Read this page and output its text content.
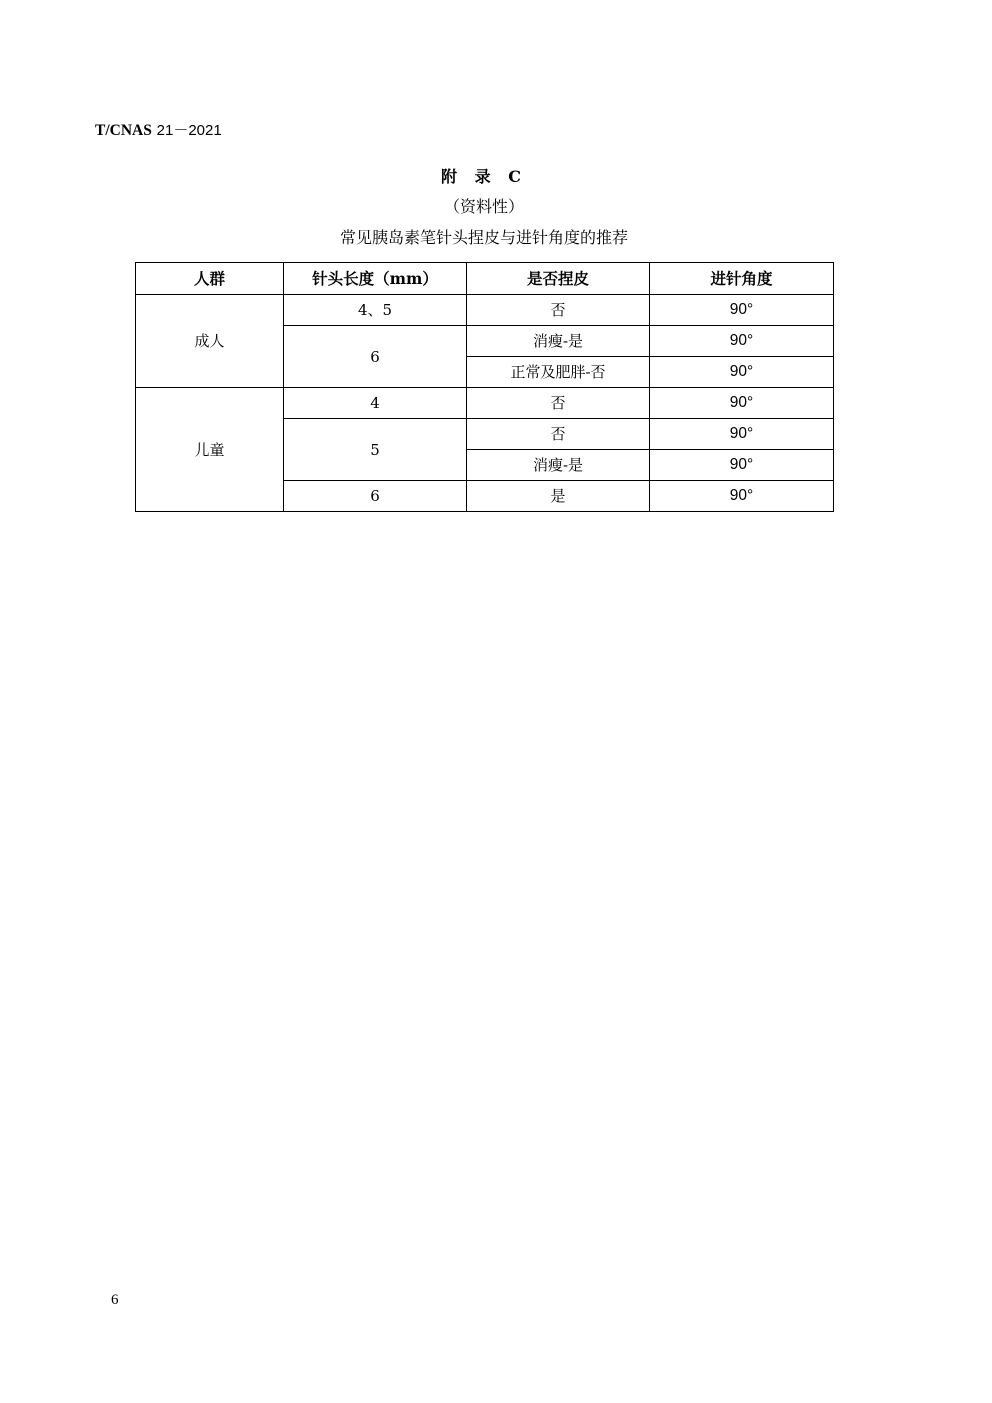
T/CNAS 21－2021
附 录 C
（资料性）
常见胰岛素笔针头捏皮与进针角度的推荐
人群	针头长度（mm）	是否捏皮	进针角度
成人	4、5	否	90°
	6	消瘦-是	90°
		正常及肥胖-否	90°
儿童	4	否	90°
	5	否	90°
		消瘦-是	90°
	6	是	90°
6
